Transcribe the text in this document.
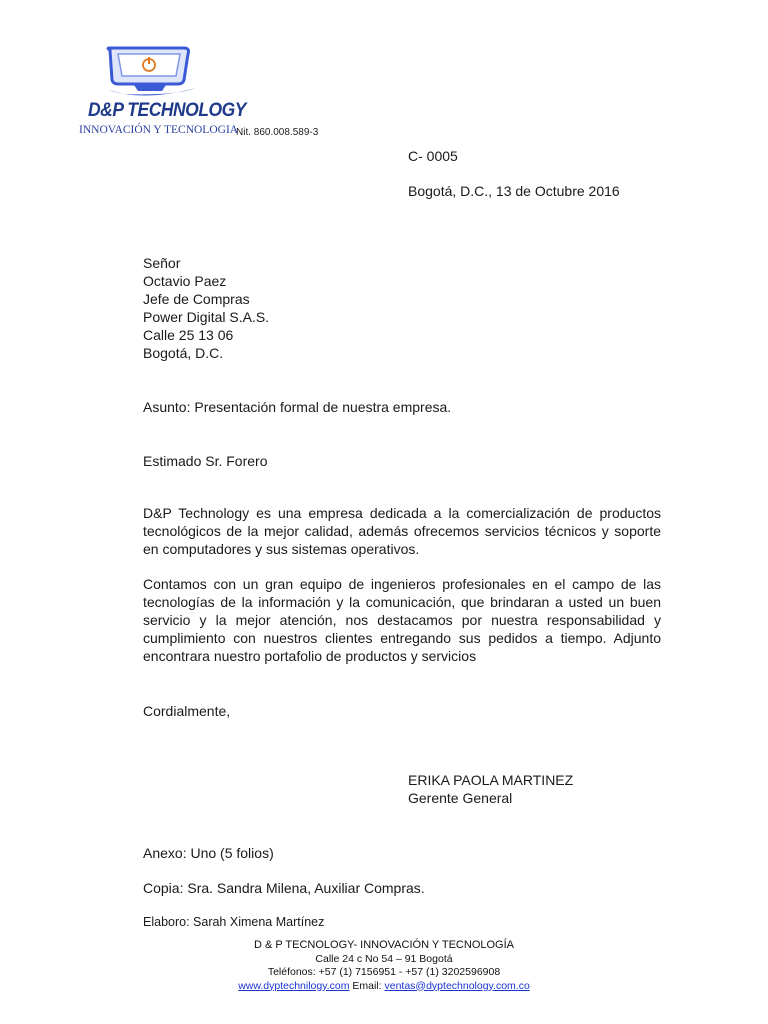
D&P TECHNOLOGY
INNOVACIÓN Y TECNOLOGIA
Nit. 860.008.589-3
C- 0005
Bogotá, D.C., 13 de Octubre 2016
Señor
Octavio Paez
Jefe de Compras
Power Digital S.A.S.
Calle 25 13 06
Bogotá, D.C.
Asunto: Presentación formal de nuestra empresa.
Estimado Sr. Forero
D&P Technology es una empresa dedicada a la comercialización de productos tecnológicos de la mejor calidad, además ofrecemos servicios técnicos y soporte en computadores y sus sistemas operativos.
Contamos con un gran equipo de ingenieros profesionales en el campo de las tecnologías de la información y la comunicación, que brindaran a usted un buen servicio y la mejor atención, nos destacamos por nuestra responsabilidad y cumplimiento con nuestros clientes entregando sus pedidos a tiempo. Adjunto encontrara nuestro portafolio de productos y servicios
Cordialmente,
ERIKA PAOLA MARTINEZ
Gerente General
Anexo: Uno (5 folios)
Copia: Sra. Sandra Milena, Auxiliar Compras.
Elaboro: Sarah Ximena Martínez
D & P TECNOLOGY- INNOVACIÓN Y TECNOLOGÍA
Calle 24 c No 54 – 91 Bogotá
Teléfonos: +57 (1) 7156951 - +57 (1) 3202596908
www.dyptechnilogy.com Email: ventas@dyptechnology.com.co
